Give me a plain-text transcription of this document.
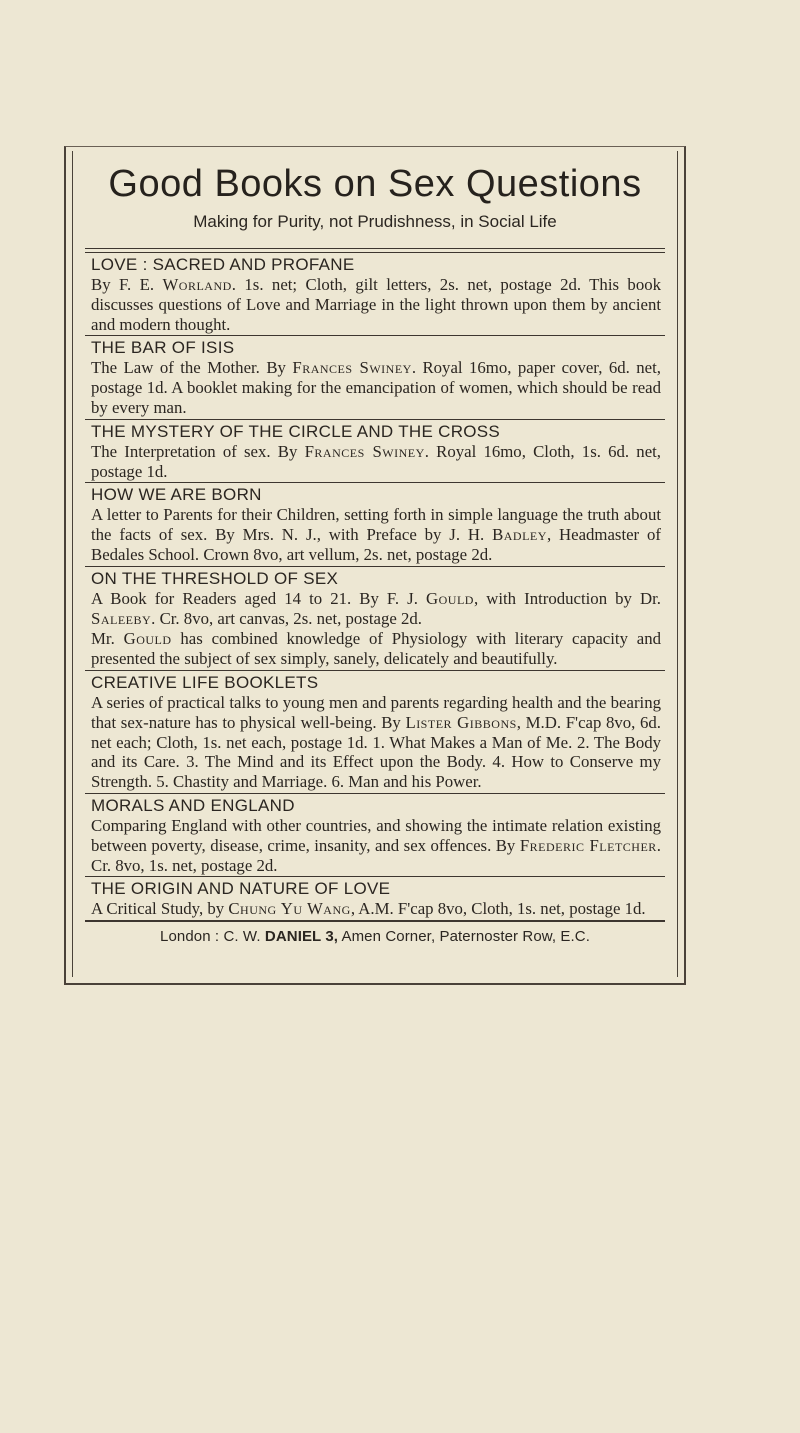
Good Books on Sex Questions
Making for Purity, not Prudishness, in Social Life
LOVE : SACRED AND PROFANE
By F. E. Worland. 1s. net; Cloth, gilt letters, 2s. net, postage 2d. This book discusses questions of Love and Marriage in the light thrown upon them by ancient and modern thought.
THE BAR OF ISIS
The Law of the Mother. By Frances Swiney. Royal 16mo, paper cover, 6d. net, postage 1d. A booklet making for the emancipation of women, which should be read by every man.
THE MYSTERY OF THE CIRCLE AND THE CROSS
The Interpretation of sex. By Frances Swiney. Royal 16mo, Cloth, 1s. 6d. net, postage 1d.
HOW WE ARE BORN
A letter to Parents for their Children, setting forth in simple language the truth about the facts of sex. By Mrs. N. J., with Preface by J. H. Badley, Headmaster of Bedales School. Crown 8vo, art vellum, 2s. net, postage 2d.
ON THE THRESHOLD OF SEX
A Book for Readers aged 14 to 21. By F. J. Gould, with Introduction by Dr. Saleeby. Cr. 8vo, art canvas, 2s. net, postage 2d.
Mr. Gould has combined knowledge of Physiology with literary capacity and presented the subject of sex simply, sanely, delicately and beautifully.
CREATIVE LIFE BOOKLETS
A series of practical talks to young men and parents regarding health and the bearing that sex-nature has to physical well-being. By Lister Gibbons, M.D. F'cap 8vo, 6d. net each; Cloth, 1s. net each, postage 1d. 1. What Makes a Man of Me. 2. The Body and its Care. 3. The Mind and its Effect upon the Body. 4. How to Conserve my Strength. 5. Chastity and Marriage. 6. Man and his Power.
MORALS AND ENGLAND
Comparing England with other countries, and showing the intimate relation existing between poverty, disease, crime, insanity, and sex offences. By Frederic Fletcher. Cr. 8vo, 1s. net, postage 2d.
THE ORIGIN AND NATURE OF LOVE
A Critical Study, by Chung Yu Wang, A.M. F'cap 8vo, Cloth, 1s. net, postage 1d.
London : C. W. DANIEL 3, Amen Corner, Paternoster Row, E.C.
